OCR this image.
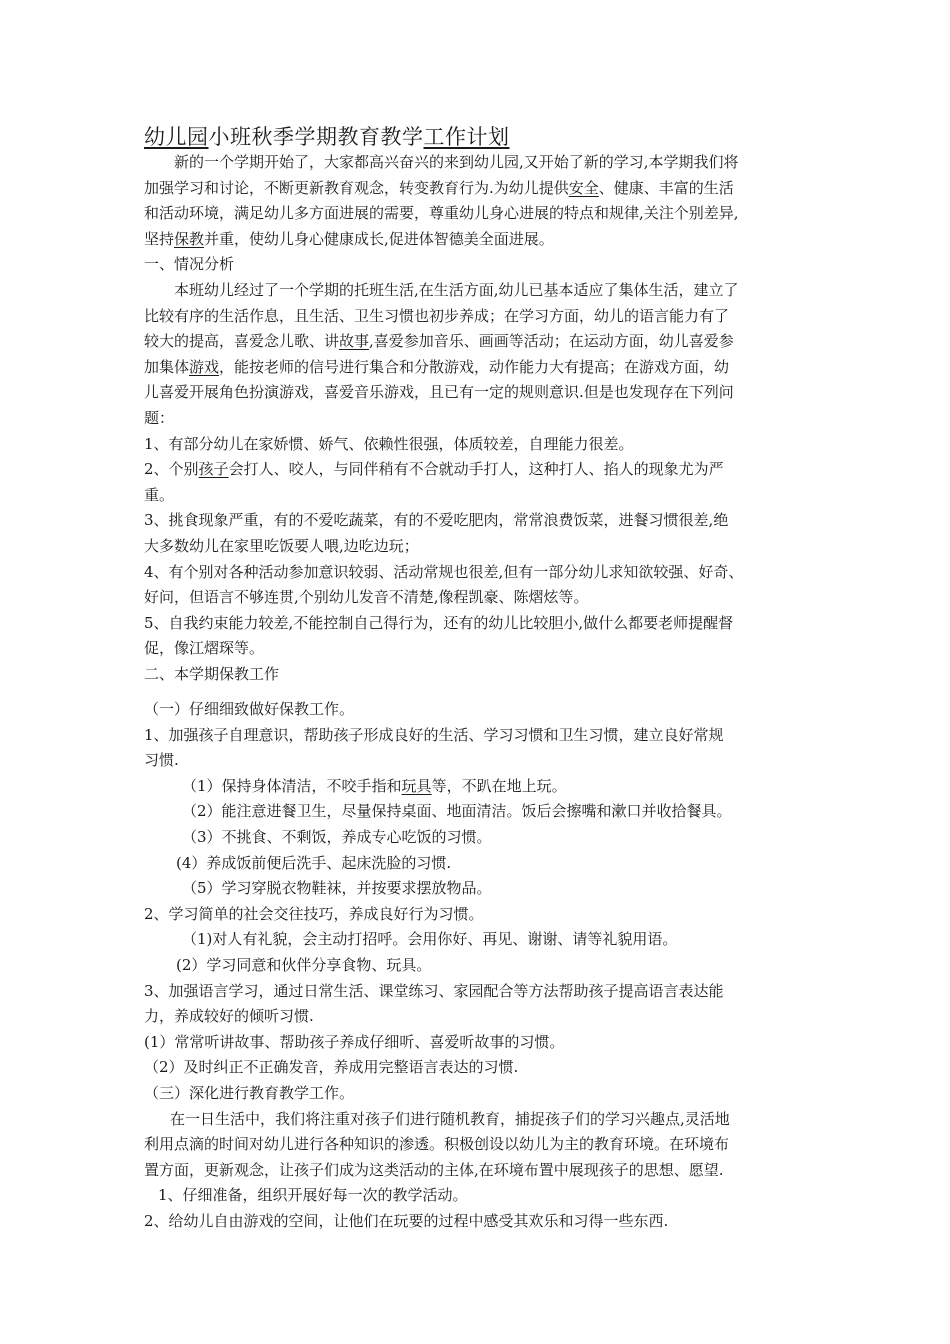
幼儿园小班秋季学期教育教学工作计划
新的一个学期开始了，大家都高兴奋兴的来到幼儿园,又开始了新的学习,本学期我们将
加强学习和讨论，不断更新教育观念，转变教育行为.为幼儿提供安全、健康、丰富的生活
和活动环境，满足幼儿多方面进展的需要，尊重幼儿身心进展的特点和规律,关注个别差异,
坚持保教并重，使幼儿身心健康成长,促进体智德美全面进展。
一、情况分析
本班幼儿经过了一个学期的托班生活,在生活方面,幼儿已基本适应了集体生活，建立了
比较有序的生活作息，且生活、卫生习惯也初步养成；在学习方面，幼儿的语言能力有了
较大的提高，喜爱念儿歌、讲故事,喜爱参加音乐、画画等活动；在运动方面，幼儿喜爱参
加集体游戏，能按老师的信号进行集合和分散游戏，动作能力大有提高；在游戏方面，幼
儿喜爱开展角色扮演游戏，喜爱音乐游戏，且已有一定的规则意识.但是也发现存在下列问
题：
1、有部分幼儿在家娇惯、娇气、依赖性很强，体质较差，自理能力很差。
2、个别孩子会打人、咬人，与同伴稍有不合就动手打人，这种打人、掐人的现象尤为严
重。
3、挑食现象严重，有的不爱吃蔬菜，有的不爱吃肥肉，常常浪费饭菜，进餐习惯很差,绝
大多数幼儿在家里吃饭要人喂,边吃边玩；
4、有个别对各种活动参加意识较弱、活动常规也很差,但有一部分幼儿求知欲较强、好奇、
好问，但语言不够连贯,个别幼儿发音不清楚,像程凯豪、陈熠炫等。
5、自我约束能力较差,不能控制自己得行为，还有的幼儿比较胆小,做什么都要老师提醒督
促，像江熠琛等。
二、本学期保教工作
（一）仔细细致做好保教工作。
1、加强孩子自理意识，帮助孩子形成良好的生活、学习习惯和卫生习惯，建立良好常规
习惯.
（1）保持身体清洁，不咬手指和玩具等，不趴在地上玩。
（2）能注意进餐卫生，尽量保持桌面、地面清洁。饭后会擦嘴和漱口并收拾餐具。
（3）不挑食、不剩饭，养成专心吃饭的习惯。
(4）养成饭前便后洗手、起床洗脸的习惯.
（5）学习穿脱衣物鞋袜，并按要求摆放物品。
2、学习简单的社会交往技巧，养成良好行为习惯。
（1)对人有礼貌，会主动打招呼。会用你好、再见、谢谢、请等礼貌用语。
(2）学习同意和伙伴分享食物、玩具。
3、加强语言学习，通过日常生活、课堂练习、家园配合等方法帮助孩子提高语言表达能
力，养成较好的倾听习惯.
(1）常常听讲故事、帮助孩子养成仔细听、喜爱听故事的习惯。
（2）及时纠正不正确发音，养成用完整语言表达的习惯.
（三）深化进行教育教学工作。
在一日生活中，我们将注重对孩子们进行随机教育，捕捉孩子们的学习兴趣点,灵活地
利用点滴的时间对幼儿进行各种知识的渗透。积极创设以幼儿为主的教育环境。在环境布
置方面，更新观念，让孩子们成为这类活动的主体,在环境布置中展现孩子的思想、愿望.
1、仔细准备，组织开展好每一次的教学活动。
2、给幼儿自由游戏的空间，让他们在玩要的过程中感受其欢乐和习得一些东西.
